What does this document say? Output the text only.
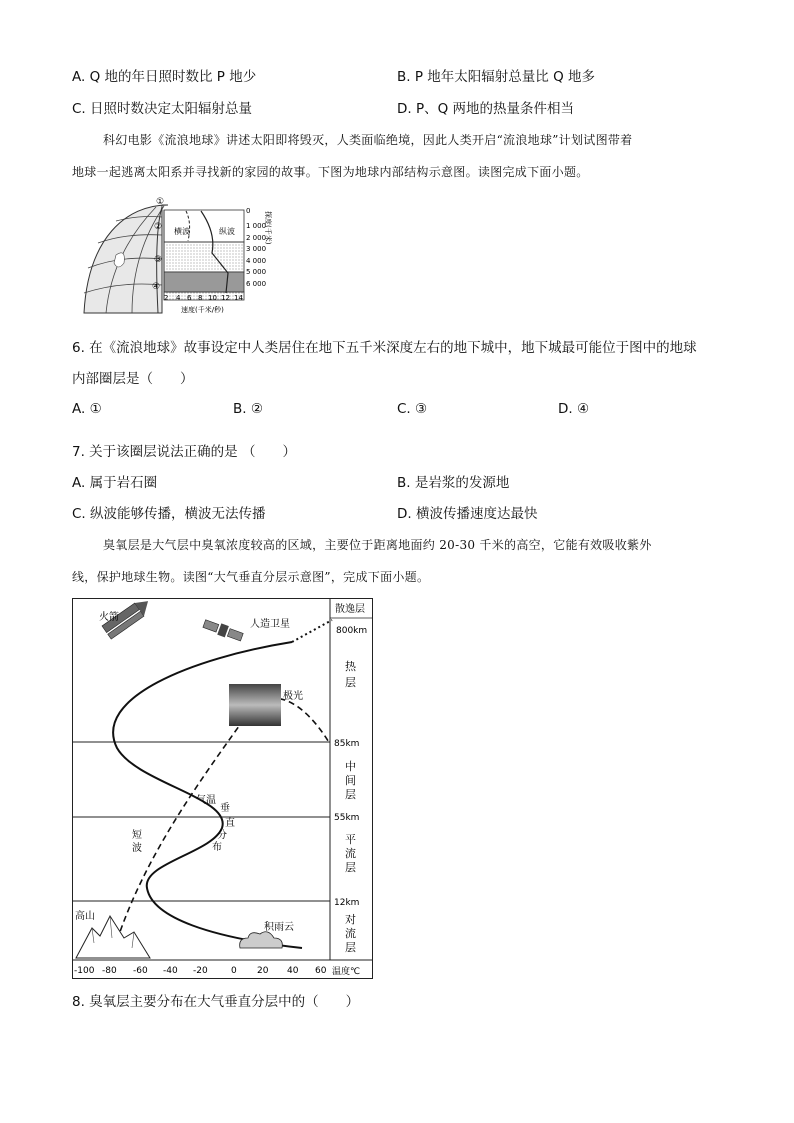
A. Q 地的年日照时数比 P 地少	B. P 地年太阳辐射总量比 Q 地多
C. 日照时数决定太阳辐射总量	D. P、Q 两地的热量条件相当
科幻电影《流浪地球》讲述太阳即将毁灭，人类面临绝境，因此人类开启“流浪地球”计划试图带着
地球一起逃离太阳系并寻找新的家园的故事。下图为地球内部结构示意图。读图完成下面小题。
①
②
③
④
横波	纵波
0
1 000
2 000
3 000
4 000
5 000
6 000
探度(千米)
2 4 6 8 10 12 14
速度(千米/秒)
6. 在《流浪地球》故事设定中人类居住在地下五千米深度左右的地下城中，地下城最可能位于图中的地球
内部圈层是（　　）
A. ①	B. ②	C. ③	D. ④
7. 关于该圈层说法正确的是 （　　）
A. 属于岩石圈	B. 是岩浆的发源地
C. 纵波能够传播，横波无法传播	D. 横波传播速度达最快
臭氧层是大气层中臭氧浓度较高的区域，主要位于距离地面约 20-30 千米的高空，它能有效吸收紫外
线，保护地球生物。读图“大气垂直分层示意图”，完成下面小题。
火箭
人造卫星
极光
高山
积雨云
气温
垂
直
分
布
短
波
散逸层
800km
热
层
85km
中
间
层
55km
平
流
层
12km
对
流
层
-100 -80 -60 -40 -20	0 20 40 60 温度℃
8. 臭氧层主要分布在大气垂直分层中的（　　）
